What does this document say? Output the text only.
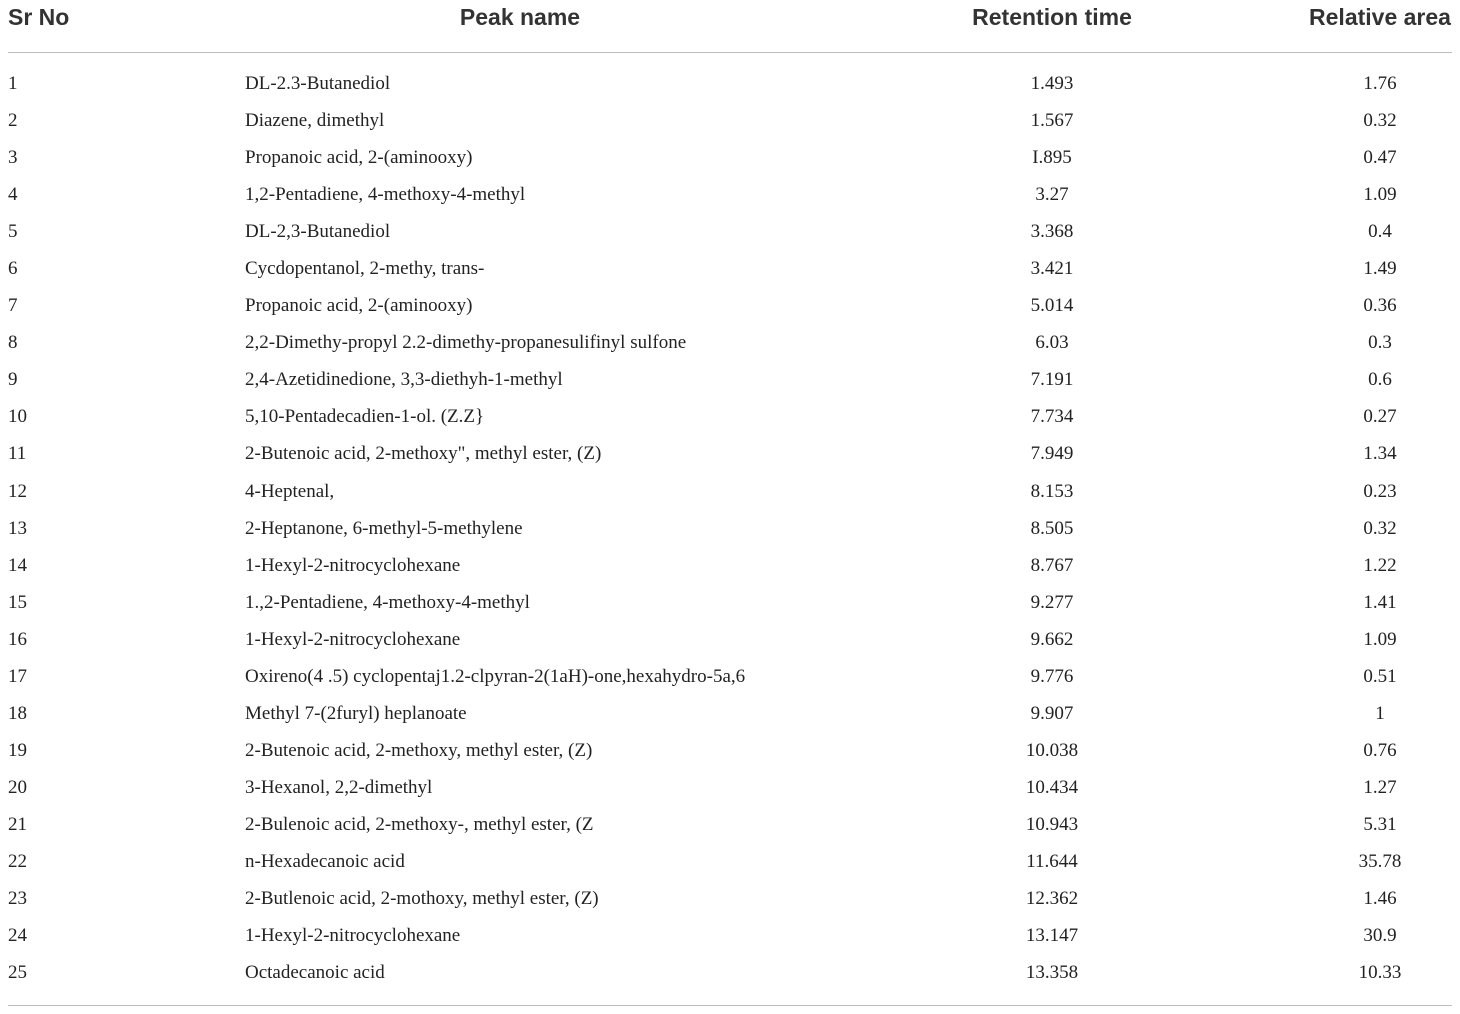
Sr No	Peak name	Retention time	Relative area
1	DL-2.3-Butanediol	1.493	1.76
2	Diazene, dimethyl	1.567	0.32
3	Propanoic acid, 2-(aminooxy)	I.895	0.47
4	1,2-Pentadiene, 4-methoxy-4-methyl	3.27	1.09
5	DL-2,3-Butanediol	3.368	0.4
6	Cycdopentanol, 2-methy, trans-	3.421	1.49
7	Propanoic acid, 2-(aminooxy)	5.014	0.36
8	2,2-Dimethy-propyl 2.2-dimethy-propanesulifinyl sulfone	6.03	0.3
9	2,4-Azetidinedione, 3,3-diethyh-1-methyl	7.191	0.6
10	5,10-Pentadecadien-1-ol. (Z.Z}	7.734	0.27
11	2-Butenoic acid, 2-methoxy", methyl ester, (Z)	7.949	1.34
12	4-Heptenal,	8.153	0.23
13	2-Heptanone, 6-methyl-5-methylene	8.505	0.32
14	1-Hexyl-2-nitrocyclohexane	8.767	1.22
15	1.,2-Pentadiene, 4-methoxy-4-methyl	9.277	1.41
16	1-Hexyl-2-nitrocyclohexane	9.662	1.09
17	Oxireno(4 .5) cyclopentaj1.2-clpyran-2(1aH)-one,hexahydro-5a,6	9.776	0.51
18	Methyl 7-(2furyl) heplanoate	9.907	1
19	2-Butenoic acid, 2-methoxy, methyl ester, (Z)	10.038	0.76
20	3-Hexanol, 2,2-dimethyl	10.434	1.27
21	2-Bulenoic acid, 2-methoxy-, methyl ester, (Z	10.943	5.31
22	n-Hexadecanoic acid	11.644	35.78
23	2-Butlenoic acid, 2-mothoxy, methyl ester, (Z)	12.362	1.46
24	1-Hexyl-2-nitrocyclohexane	13.147	30.9
25	Octadecanoic acid	13.358	10.33
